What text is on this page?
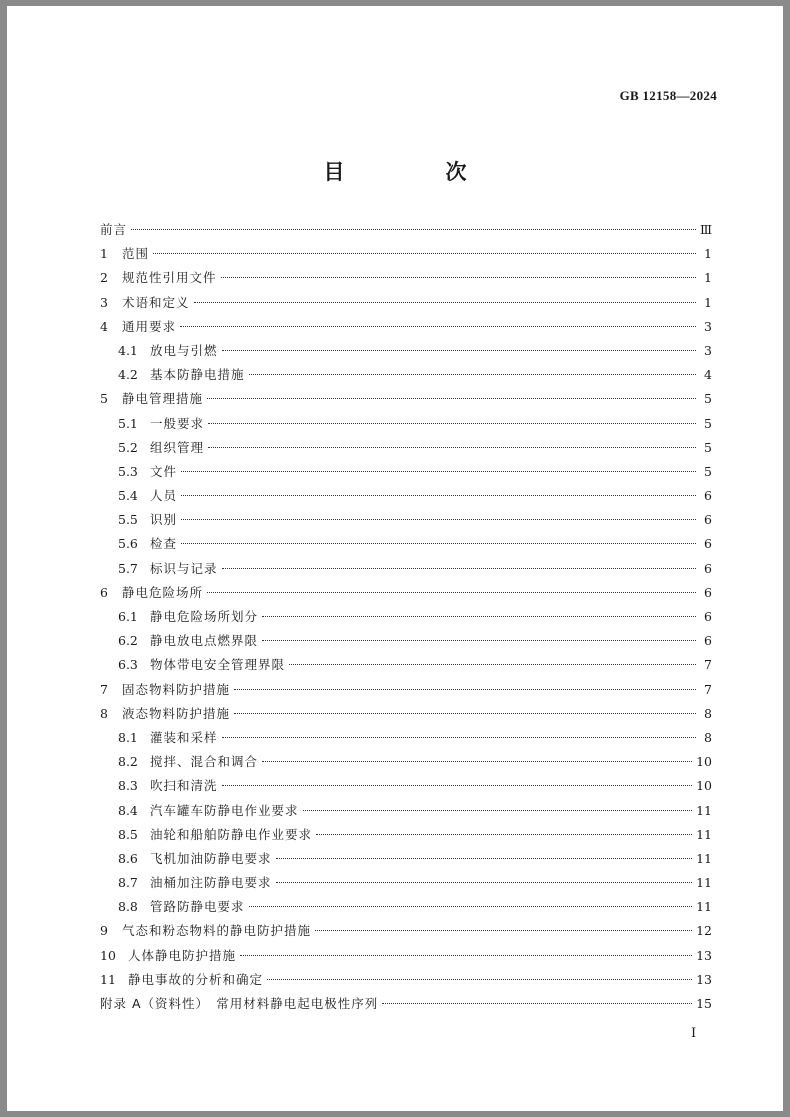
GB 12158—2024
目　次
前言	Ⅲ
1	范围	1
2	规范性引用文件	1
3	术语和定义	1
4	通用要求	3
4.1 放电与引燃	3
4.2 基本防静电措施	4
5	静电管理措施	5
5.1 一般要求	5
5.2 组织管理	5
5.3 文件	5
5.4 人员	6
5.5 识别	6
5.6 检查	6
5.7 标识与记录	6
6	静电危险场所	6
6.1 静电危险场所划分	6
6.2 静电放电点燃界限	6
6.3 物体带电安全管理界限	7
7	固态物料防护措施	7
8	液态物料防护措施	8
8.1 灌装和采样	8
8.2 搅拌、混合和调合	10
8.3 吹扫和清洗	10
8.4 汽车罐车防静电作业要求	11
8.5 油轮和船舶防静电作业要求	11
8.6 飞机加油防静电要求	11
8.7 油桶加注防静电要求	11
8.8 管路防静电要求	11
9	气态和粉态物料的静电防护措施	12
10 人体静电防护措施	13
11 静电事故的分析和确定	13
附录 A（资料性）　常用材料静电起电极性序列	15
I
